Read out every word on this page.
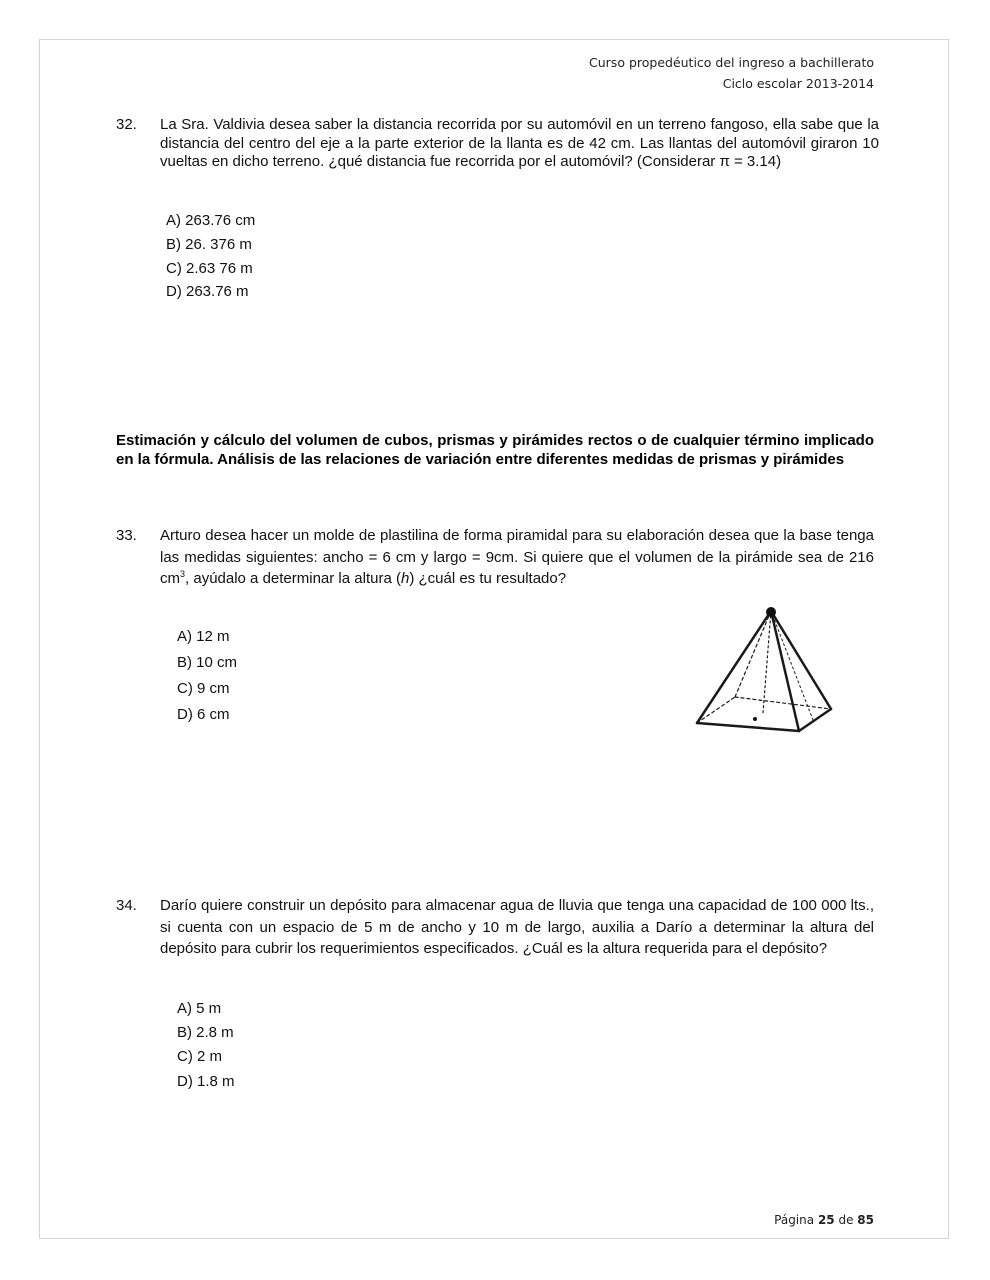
Curso propedéutico del ingreso a bachillerato
Ciclo escolar 2013-2014
32. La Sra. Valdivia desea saber la distancia recorrida por su automóvil en un terreno fangoso, ella sabe que la distancia del centro del eje a la parte exterior de la llanta es de 42 cm. Las llantas del automóvil giraron 10 vueltas en dicho terreno. ¿qué distancia fue recorrida por el automóvil? (Considerar π = 3.14)
A) 263.76 cm
B) 26. 376 m
C) 2.63 76 m
D) 263.76 m
Estimación y cálculo del volumen de cubos, prismas y pirámides rectos o de cualquier término implicado en la fórmula. Análisis de las relaciones de variación entre diferentes medidas de prismas y pirámides
33. Arturo desea hacer un molde de plastilina de forma piramidal para su elaboración desea que la base tenga las medidas siguientes: ancho = 6 cm y largo = 9cm. Si quiere que el volumen de la pirámide sea de 216 $cm^3$, ayúdalo a determinar la altura (h) ¿cuál es tu resultado?
A) 12 m
B) 10 cm
C) 9 cm
D) 6 cm
34. Darío quiere construir un depósito para almacenar agua de lluvia que tenga una capacidad de 100 000 lts., si cuenta con un espacio de 5 m de ancho y 10 m de largo, auxilia a Darío a determinar la altura del depósito para cubrir los requerimientos especificados. ¿Cuál es la altura requerida para el depósito?
A) 5 m
B) 2.8 m
C) 2 m
D) 1.8 m
Página 25 de 85
